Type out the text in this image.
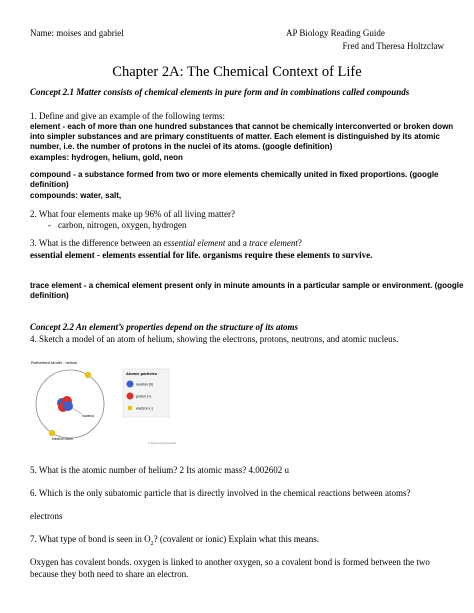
Name: moises and gabriel	AP Biology Reading Guide
Fred and Theresa Holtzclaw
Chapter 2A: The Chemical Context of Life
Concept 2.1 Matter consists of chemical elements in pure form and in combinations called compounds
1. Define and give an example of the following terms:
element - each of more than one hundred substances that cannot be chemically interconverted or broken down
into simpler substances and are primary constituents of matter. Each element is distinguished by its atomic
number, i.e. the number of protons in the nuclei of its atoms. (google definition)
examples: hydrogen, helium, gold, neon
compound - a substance formed from two or more elements chemically united in fixed proportions. (google
definition)
compounds: water, salt,
2. What four elements make up 96% of all living matter?
- carbon, nitrogen, oxygen, hydrogen
3. What is the difference between an essential element and a trace element?
essential element - elements essential for life. organisms require these elements to survive.
trace element - a chemical element present only in minute amounts in a particular sample or environment. (google
definition)
Concept 2.2 An element’s properties depend on the structure of its atoms
4. Sketch a model of an atom of helium, showing the electrons, protons, neutrons, and atomic nucleus.
Rutherford Model - helium
nucleus
electron shell
Atomic particles
neutron (0)
proton (+)
electron (-)
© Science Encyclopedia
5. What is the atomic number of helium? 2 Its atomic mass? 4.002602 u
6. Which is the only subatomic particle that is directly involved in the chemical reactions between atoms?
electrons
7. What type of bond is seen in $O_2$? (covalent or ionic) Explain what this means.
Oxygen has covalent bonds. oxygen is linked to another oxygen, so a covalent bond is formed between the two
because they both need to share an electron.
